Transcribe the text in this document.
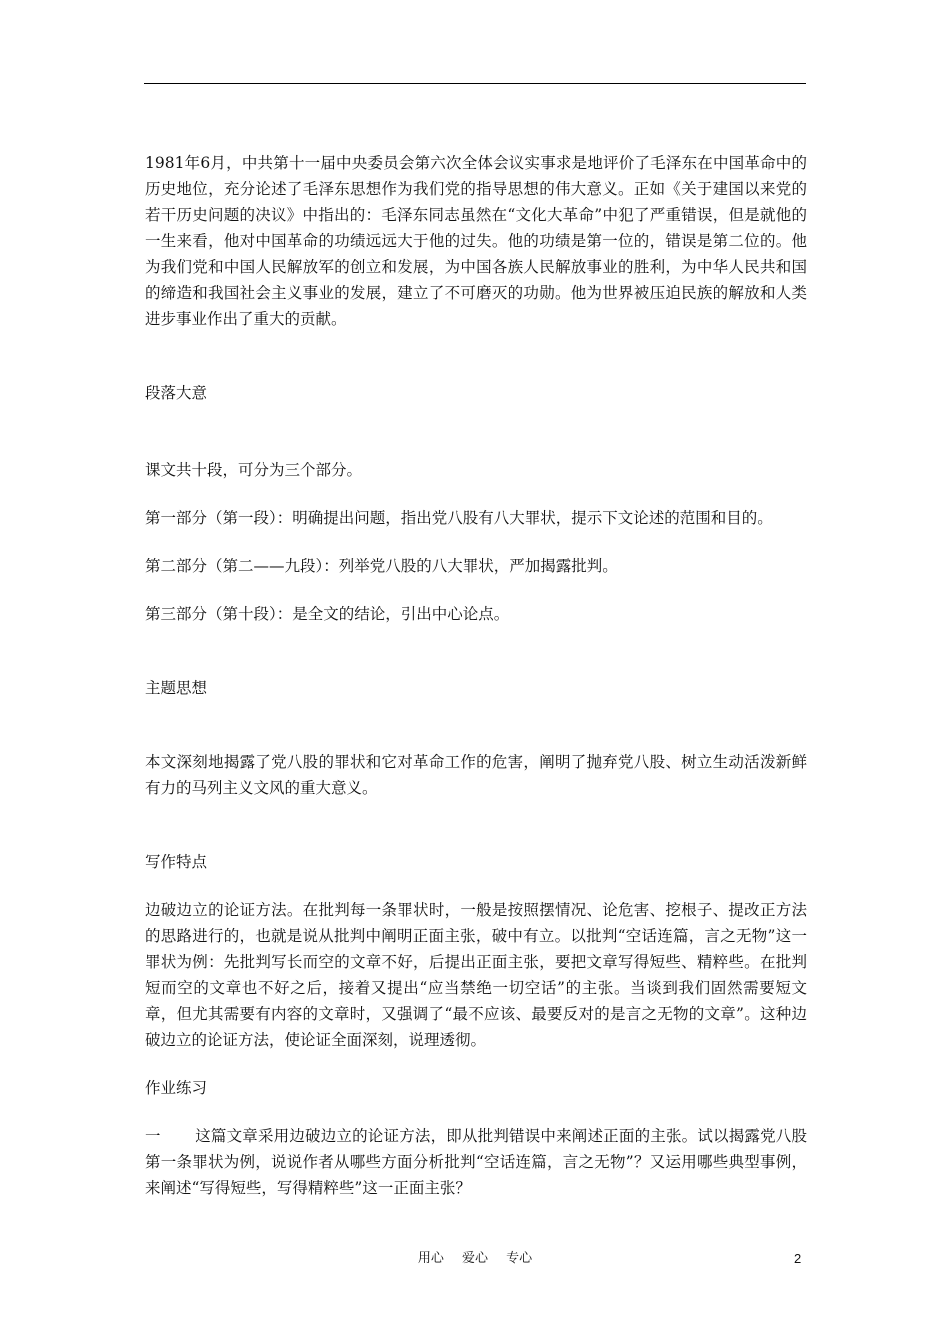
1981年6月，中共第十一届中央委员会第六次全体会议实事求是地评价了毛泽东在中国革命中的历史地位，充分论述了毛泽东思想作为我们党的指导思想的伟大意义。正如《关于建国以来党的若干历史问题的决议》中指出的：毛泽东同志虽然在“文化大革命”中犯了严重错误，但是就他的一生来看，他对中国革命的功绩远远大于他的过失。他的功绩是第一位的，错误是第二位的。他为我们党和中国人民解放军的创立和发展，为中国各族人民解放事业的胜利，为中华人民共和国的缔造和我国社会主义事业的发展，建立了不可磨灭的功勋。他为世界被压迫民族的解放和人类进步事业作出了重大的贡献。

段落大意

课文共十段，可分为三个部分。

第一部分（第一段）：明确提出问题，指出党八股有八大罪状，提示下文论述的范围和目的。

第二部分（第二——九段）：列举党八股的八大罪状，严加揭露批判。

第三部分（第十段）：是全文的结论，引出中心论点。

主题思想

本文深刻地揭露了党八股的罪状和它对革命工作的危害，阐明了抛弃党八股、树立生动活泼新鲜有力的马列主义文风的重大意义。

写作特点

边破边立的论证方法。在批判每一条罪状时，一般是按照摆情况、论危害、挖根子、提改正方法的思路进行的，也就是说从批判中阐明正面主张，破中有立。以批判“空话连篇，言之无物”这一罪状为例：先批判写长而空的文章不好，后提出正面主张，要把文章写得短些、精粹些。在批判短而空的文章也不好之后，接着又提出“应当禁绝一切空话”的主张。当谈到我们固然需要短文章，但尤其需要有内容的文章时，又强调了“最不应该、最要反对的是言之无物的文章”。这种边破边立的论证方法，使论证全面深刻，说理透彻。

作业练习

一 这篇文章采用边破边立的论证方法，即从批判错误中来阐述正面的主张。试以揭露党八股第一条罪状为例，说说作者从哪些方面分析批判“空话连篇，言之无物”？又运用哪些典型事例，来阐述“写得短些，写得精粹些”这一正面主张？

用心 爱心 专心	2
